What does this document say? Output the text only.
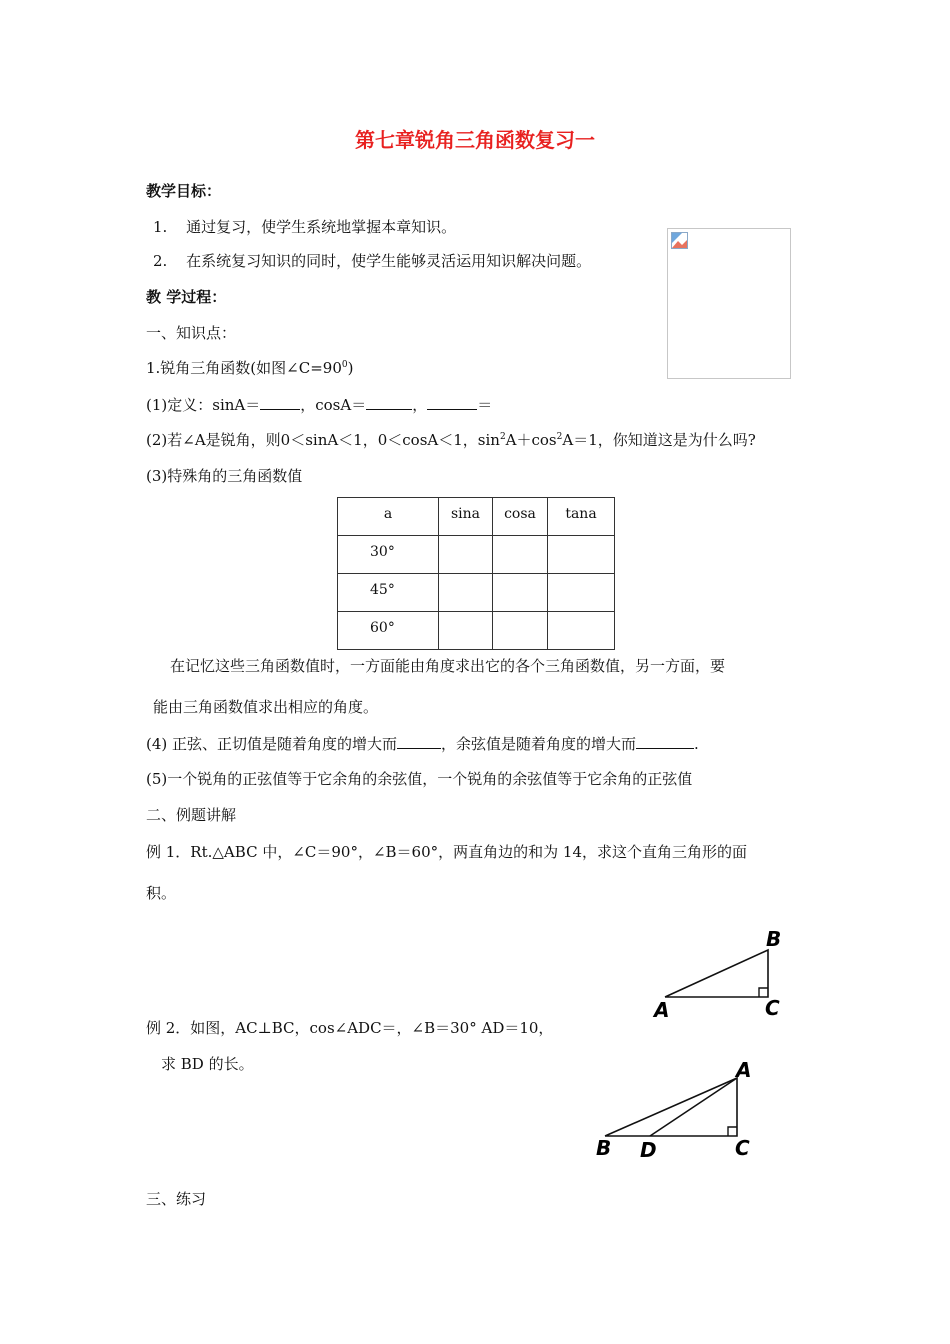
第七章锐角三角函数复习一
教学目标：
1. 通过复习，使学生系统地掌握本章知识。
2. 在系统复习知识的同时，使学生能够灵活运用知识解决问题。
教 学过程：
一、知识点：
1.锐角三角函数(如图$\angle C=90^0$)
(1)定义：sinA＝	，cosA＝	，	＝
(2)若∠A是锐角，则0＜sinA＜1，0＜cosA＜1，$\sin^2A+\cos^2A=1$，你知道这是为什么吗?
(3)特殊角的三角函数值
a	sina	cosa	tana

30°			

45°			

60°			

在记忆这些三角函数值时，一方面能由角度求出它的各个三角函数值，另一方面，要
能由三角函数值求出相应的角度。
(4) 正弦、正切值是随着角度的增大而	，余弦值是随着角度的增大而	.
(5)一个锐角的正弦值等于它余角的余弦值，一个锐角的余弦值等于它余角的正弦值
二、例题讲解
例 1．Rt.△ABC 中，∠C＝90°，∠B＝60°，两直角边的和为 14，求这个直角三角形的面
积。
B
A	C
例 2．如图，AC⊥BC，cos∠ADC＝，∠B＝30° AD＝10，
求 BD 的长。	A
B D	C
三、练习
